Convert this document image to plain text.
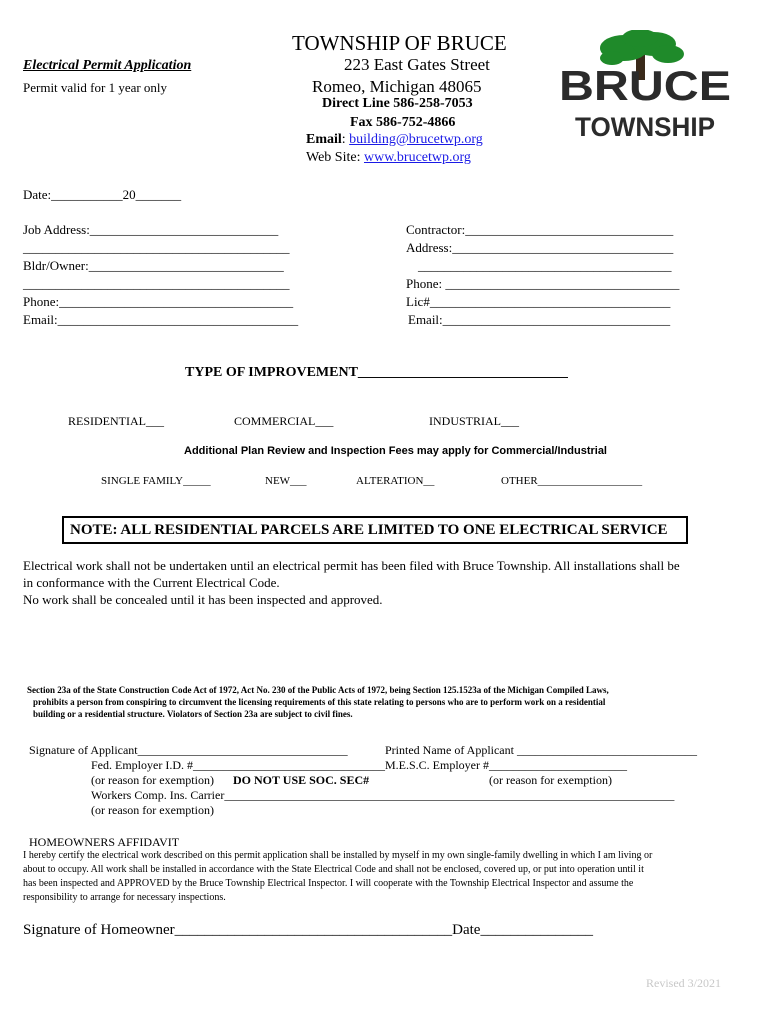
TOWNSHIP OF BRUCE
223 East Gates Street
Romeo, Michigan 48065
Direct Line 586-258-7053
Fax 586-752-4866
Email: building@brucetwp.org
Web Site: www.brucetwp.org
Electrical Permit Application
Permit valid for 1 year only	BRUCE
TOWNSHIP
Date:___________20_______
Job Address:_____________________________
_________________________________________
Bldr/Owner:______________________________
_________________________________________
Phone:____________________________________
Email:_____________________________________
Contractor:________________________________
Address:__________________________________
_______________________________________
Phone: ____________________________________
Lic#_____________________________________
Email:___________________________________
TYPE OF IMPROVEMENT______________________________
RESIDENTIAL___	COMMERCIAL___	INDUSTRIAL___
Additional Plan Review and Inspection Fees may apply for Commercial/Industrial
SINGLE FAMILY_____	NEW___	ALTERATION__	OTHER___________________
NOTE: ALL RESIDENTIAL PARCELS ARE LIMITED TO ONE ELECTRICAL SERVICE
Electrical work shall not be undertaken until an electrical permit has been filed with Bruce Township. All installations shall be
in conformance with the Current Electrical Code.
No work shall be concealed until it has been inspected and approved.
Section 23a of the State Construction Code Act of 1972, Act No. 230 of the Public Acts of 1972, being Section 125.1523a of the Michigan Compiled Laws,
prohibits a person from conspiring to circumvent the licensing requirements of this state relating to persons who are to perform work on a residential
building or a residential structure. Violators of Section 23a are subject to civil fines.
Signature of Applicant___________________________________	Printed Name of Applicant ______________________________
Fed. Employer I.D. #________________________________M.E.S.C. Employer #_______________________
(or reason for exemption) DO NOT USE SOC. SEC#	(or reason for exemption)
Workers Comp. Ins. Carrier___________________________________________________________________________
(or reason for exemption)
HOMEOWNERS AFFIDAVIT
I hereby certify the electrical work described on this permit application shall be installed by myself in my own single-family dwelling in which I am living or
about to occupy. All work shall be installed in accordance with the State Electrical Code and shall not be enclosed, covered up, or put into operation until it
has been inspected and APPROVED by the Bruce Township Electrical Inspector. I will cooperate with the Township Electrical Inspector and assume the
responsibility to arrange for necessary inspections.
Signature of Homeowner_____________________________________Date_______________
Revised 3/2021
